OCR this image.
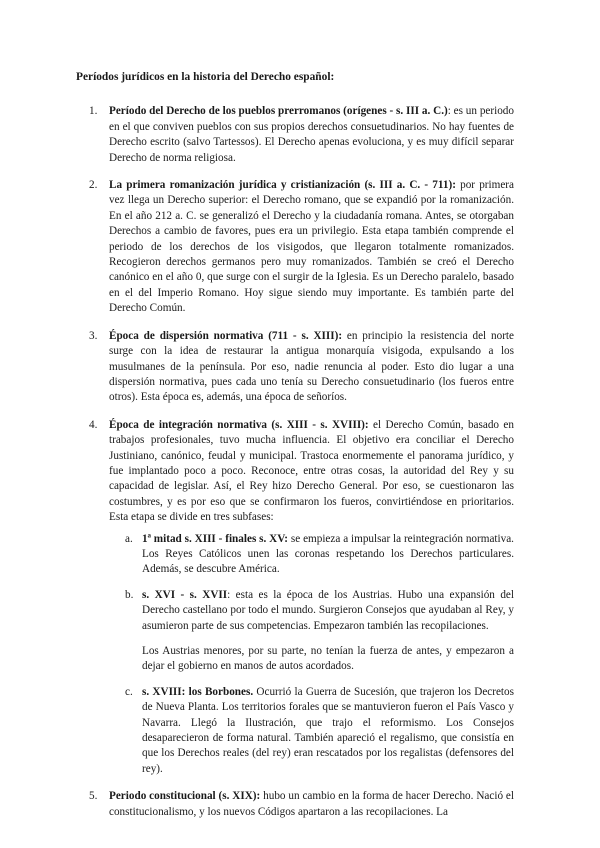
Períodos jurídicos en la historia del Derecho español:

1. Período del Derecho de los pueblos prerromanos (orígenes - s. III a. C.): es un periodo en el que conviven pueblos con sus propios derechos consuetudinarios. No hay fuentes de Derecho escrito (salvo Tartessos). El Derecho apenas evoluciona, y es muy difícil separar Derecho de norma religiosa.
2. La primera romanización jurídica y cristianización (s. III a. C. - 711): por primera vez llega un Derecho superior: el Derecho romano, que se expandió por la romanización. En el año 212 a. C. se generalizó el Derecho y la ciudadanía romana. Antes, se otorgaban Derechos a cambio de favores, pues era un privilegio. Esta etapa también comprende el periodo de los derechos de los visigodos, que llegaron totalmente romanizados. Recogieron derechos germanos pero muy romanizados. También se creó el Derecho canónico en el año 0, que surge con el surgir de la Iglesia. Es un Derecho paralelo, basado en el del Imperio Romano. Hoy sigue siendo muy importante. Es también parte del Derecho Común.
3. Época de dispersión normativa (711 - s. XIII): en principio la resistencia del norte surge con la idea de restaurar la antigua monarquía visigoda, expulsando a los musulmanes de la península. Por eso, nadie renuncia al poder. Esto dio lugar a una dispersión normativa, pues cada uno tenía su Derecho consuetudinario (los fueros entre otros). Esta época es, además, una época de señoríos.
4. Época de integración normativa (s. XIII - s. XVIII): el Derecho Común, basado en trabajos profesionales, tuvo mucha influencia. El objetivo era conciliar el Derecho Justiniano, canónico, feudal y municipal. Trastoca enormemente el panorama jurídico, y fue implantado poco a poco. Reconoce, entre otras cosas, la autoridad del Rey y su capacidad de legislar. Así, el Rey hizo Derecho General. Por eso, se cuestionaron las costumbres, y es por eso que se confirmaron los fueros, convirtiéndose en prioritarios. Esta etapa se divide en tres subfases:
a. 1ª mitad s. XIII - finales s. XV: se empieza a impulsar la reintegración normativa. Los Reyes Católicos unen las coronas respetando los Derechos particulares. Además, se descubre América.
b. s. XVI - s. XVII: esta es la época de los Austrias. Hubo una expansión del Derecho castellano por todo el mundo. Surgieron Consejos que ayudaban al Rey, y asumieron parte de sus competencias. Empezaron también las recopilaciones.

Los Austrias menores, por su parte, no tenían la fuerza de antes, y empezaron a dejar el gobierno en manos de autos acordados.

c. s. XVIII: los Borbones. Ocurrió la Guerra de Sucesión, que trajeron los Decretos de Nueva Planta. Los territorios forales que se mantuvieron fueron el País Vasco y Navarra. Llegó la Ilustración, que trajo el reformismo. Los Consejos desaparecieron de forma natural. También apareció el regalismo, que consistía en que los Derechos reales (del rey) eran rescatados por los regalistas (defensores del rey).
5. Periodo constitucional (s. XIX): hubo un cambio en la forma de hacer Derecho. Nació el constitucionalismo, y los nuevos Códigos apartaron a las recopilaciones. La
